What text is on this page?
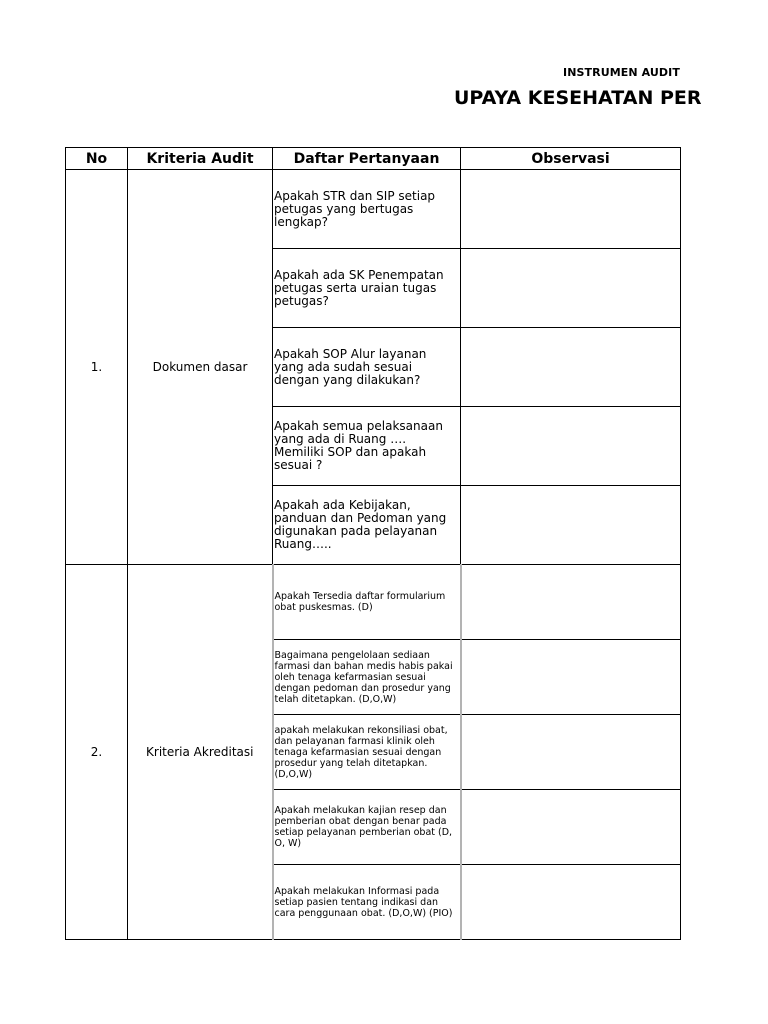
INSTRUMEN AUDIT
UPAYA KESEHATAN PER
No	Kriteria Audit	Daftar Pertanyaan	Observasi
1.	Dokumen dasar	Apakah STR dan SIP setiap petugas yang bertugas lengkap?	

		Apakah ada SK Penempatan petugas serta uraian tugas petugas?	

		Apakah SOP Alur layanan yang ada sudah sesuai dengan yang dilakukan?	

		Apakah semua pelaksanaan yang ada di Ruang …. Memiliki SOP dan apakah sesuai ?	

		Apakah ada Kebijakan, panduan dan Pedoman yang digunakan pada pelayanan Ruang…..	

2.	Kriteria Akreditasi	Apakah Tersedia daftar formularium obat puskesmas. (D)	

		Bagaimana pengelolaan sediaan farmasi dan bahan medis habis pakai oleh tenaga kefarmasian sesuai dengan pedoman dan prosedur yang telah ditetapkan. (D,O,W)	

		apakah melakukan rekonsiliasi obat, dan pelayanan farmasi klinik oleh tenaga kefarmasian sesuai dengan prosedur yang telah ditetapkan. (D,O,W)	

		Apakah melakukan kajian resep dan pemberian obat dengan benar pada setiap pelayanan pemberian obat (D, O, W)	

		Apakah melakukan Informasi pada setiap pasien tentang indikasi dan cara penggunaan obat. (D,O,W) (PIO)	
